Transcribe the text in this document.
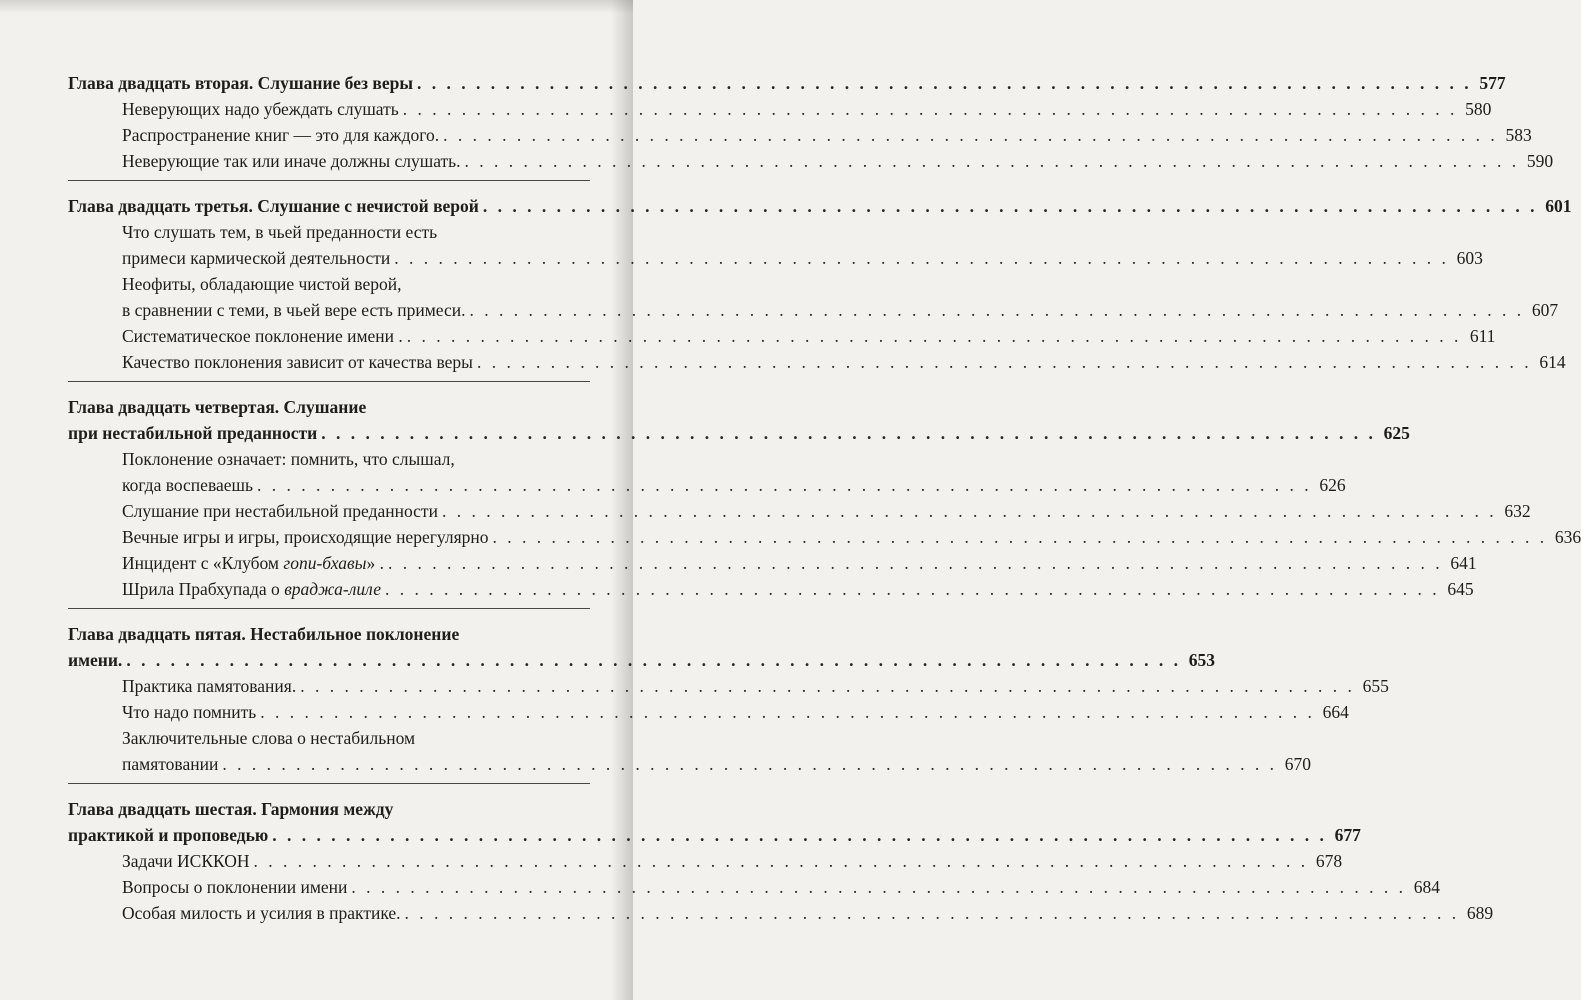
Глава двадцать вторая. Слушание без веры . . .	577
Неверующих надо убеждать слушать . . .	580
Распространение книг — это для каждого. . . .	583
Неверующие так или иначе должны слушать. . . .	590
Глава двадцать третья. Слушание с нечистой верой . . .	601
Что слушать тем, в чьей преданности есть
примеси кармической деятельности . . .	603
Неофиты, обладающие чистой верой,
в сравнении с теми, в чьей вере есть примеси. . . .	607
Систематическое поклонение имени . . . .	611
Качество поклонения зависит от качества веры . . .	614
Глава двадцать четвертая. Слушание
при нестабильной преданности . . .	625
Поклонение означает: помнить, что слышал,
когда воспеваешь . . .	626
Слушание при нестабильной преданности . . .	632
Вечные игры и игры, происходящие нерегулярно . . .	636
Инцидент с «Клубом гопи-бхавы» . . . .	641
Шрила Прабхупада о враджа-лиле . . .	645
Глава двадцать пятая. Нестабильное поклонение
имени. . . .	653
Практика памятования. . . .	655
Что надо помнить . . .	664
Заключительные слова о нестабильном
памятовании . . .	670
Глава двадцать шестая. Гармония между
практикой и проповедью . . .	677
Задачи ИСККОН . . .	678
Вопросы о поклонении имени . . .	684
Особая милость и усилия в практике. . . .	689
